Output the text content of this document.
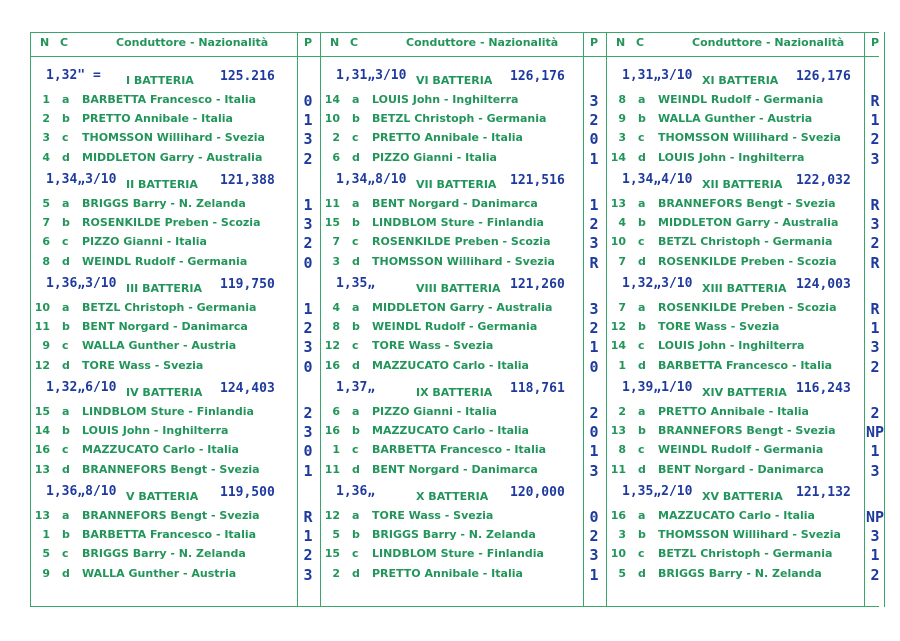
N C	Conduttore - Nazionalità	P N C	Conduttore - Nazionalità	P N C	Conduttore - Nazionalità P
1,32" = I BATTERIA 125.216
1 a BARBETTA Francesco - Italia	0
2 b PRETTO Annibale - Italia	1
3 c THOMSSON Willihard - Svezia	3
4 d MIDDLETON Garry - Australia	2
1,34„3/10 II BATTERIA 121,388
5 a BRIGGS Barry - N. Zelanda	1
7 b ROSENKILDE Preben - Scozia	3
6 c PIZZO Gianni - Italia	2
8 d WEINDL Rudolf - Germania	0
1,36„3/10 III BATTERIA 119,750
10 a BETZL Christoph - Germania	1
11 b BENT Norgard - Danimarca	2
9 c WALLA Gunther - Austria	3
12 d TORE Wass - Svezia	0
1,32„6/10 IV BATTERIA 124,403
15 a LINDBLOM Sture - Finlandia	2
14 b LOUIS John - Inghilterra	3
16 c MAZZUCATO Carlo - Italia	0
13 d BRANNEFORS Bengt - Svezia	1
1,36„8/10 V BATTERIA 119,500
13 a BRANNEFORS Bengt - Svezia	R
1 b BARBETTA Francesco - Italia	1
5 c BRIGGS Barry - N. Zelanda	2
9 d WALLA Gunther - Austria	3
1,31„3/10 VI BATTERIA 126,176
14 a LOUIS John - Inghilterra	3
10 b BETZL Christoph - Germania	2
2 c PRETTO Annibale - Italia	0
6 d PIZZO Gianni - Italia	1
1,34„8/10 VII BATTERIA 121,516
11 a BENT Norgard - Danimarca	1
15 b LINDBLOM Sture - Finlandia	2
7 c ROSENKILDE Preben - Scozia	3
3 d THOMSSON Willihard - Svezia	R
1,35„	VIII BATTERIA 121,260
4 a MIDDLETON Garry - Australia	3
8 b WEINDL Rudolf - Germania	2
12 c TORE Wass - Svezia	1
16 d MAZZUCATO Carlo - Italia	0
1,37„	IX BATTERIA 118,761
6 a PIZZO Gianni - Italia	2
16 b MAZZUCATO Carlo - Italia	0
1 c BARBETTA Francesco - Italia	1
11 d BENT Norgard - Danimarca	3
1,36„	X BATTERIA 120,000
12 a TORE Wass - Svezia	0
5 b BRIGGS Barry - N. Zelanda	2
15 c LINDBLOM Sture - Finlandia	3
2 d PRETTO Annibale - Italia	1
1,31„3/10 XI BATTERIA 126,176
8 a WEINDL Rudolf - Germania	R
9 b WALLA Gunther - Austria	1
3 c THOMSSON Willihard - Svezia	2
14 d LOUIS John - Inghilterra	3
1,34„4/10 XII BATTERIA 122,032
13 a BRANNEFORS Bengt - Svezia	R
4 b MIDDLETON Garry - Australia	3
10 c BETZL Christoph - Germania	2
7 d ROSENKILDE Preben - Scozia	R
1,32„3/10 XIII BATTERIA 124,003
7 a ROSENKILDE Preben - Scozia	R
12 b TORE Wass - Svezia	1
14 c LOUIS John - Inghilterra	3
1 d BARBETTA Francesco - Italia	2
1,39„1/10 XIV BATTERIA 116,243
2 a PRETTO Annibale - Italia	2
13 b BRANNEFORS Bengt - Svezia NP
8 c WEINDL Rudolf - Germania	1
11 d BENT Norgard - Danimarca	3
1,35„2/10 XV BATTERIA 121,132
16 a MAZZUCATO Carlo - Italia	NP
3 b THOMSSON Willihard - Svezia	3
10 c BETZL Christoph - Germania	1
5 d BRIGGS Barry - N. Zelanda	2
